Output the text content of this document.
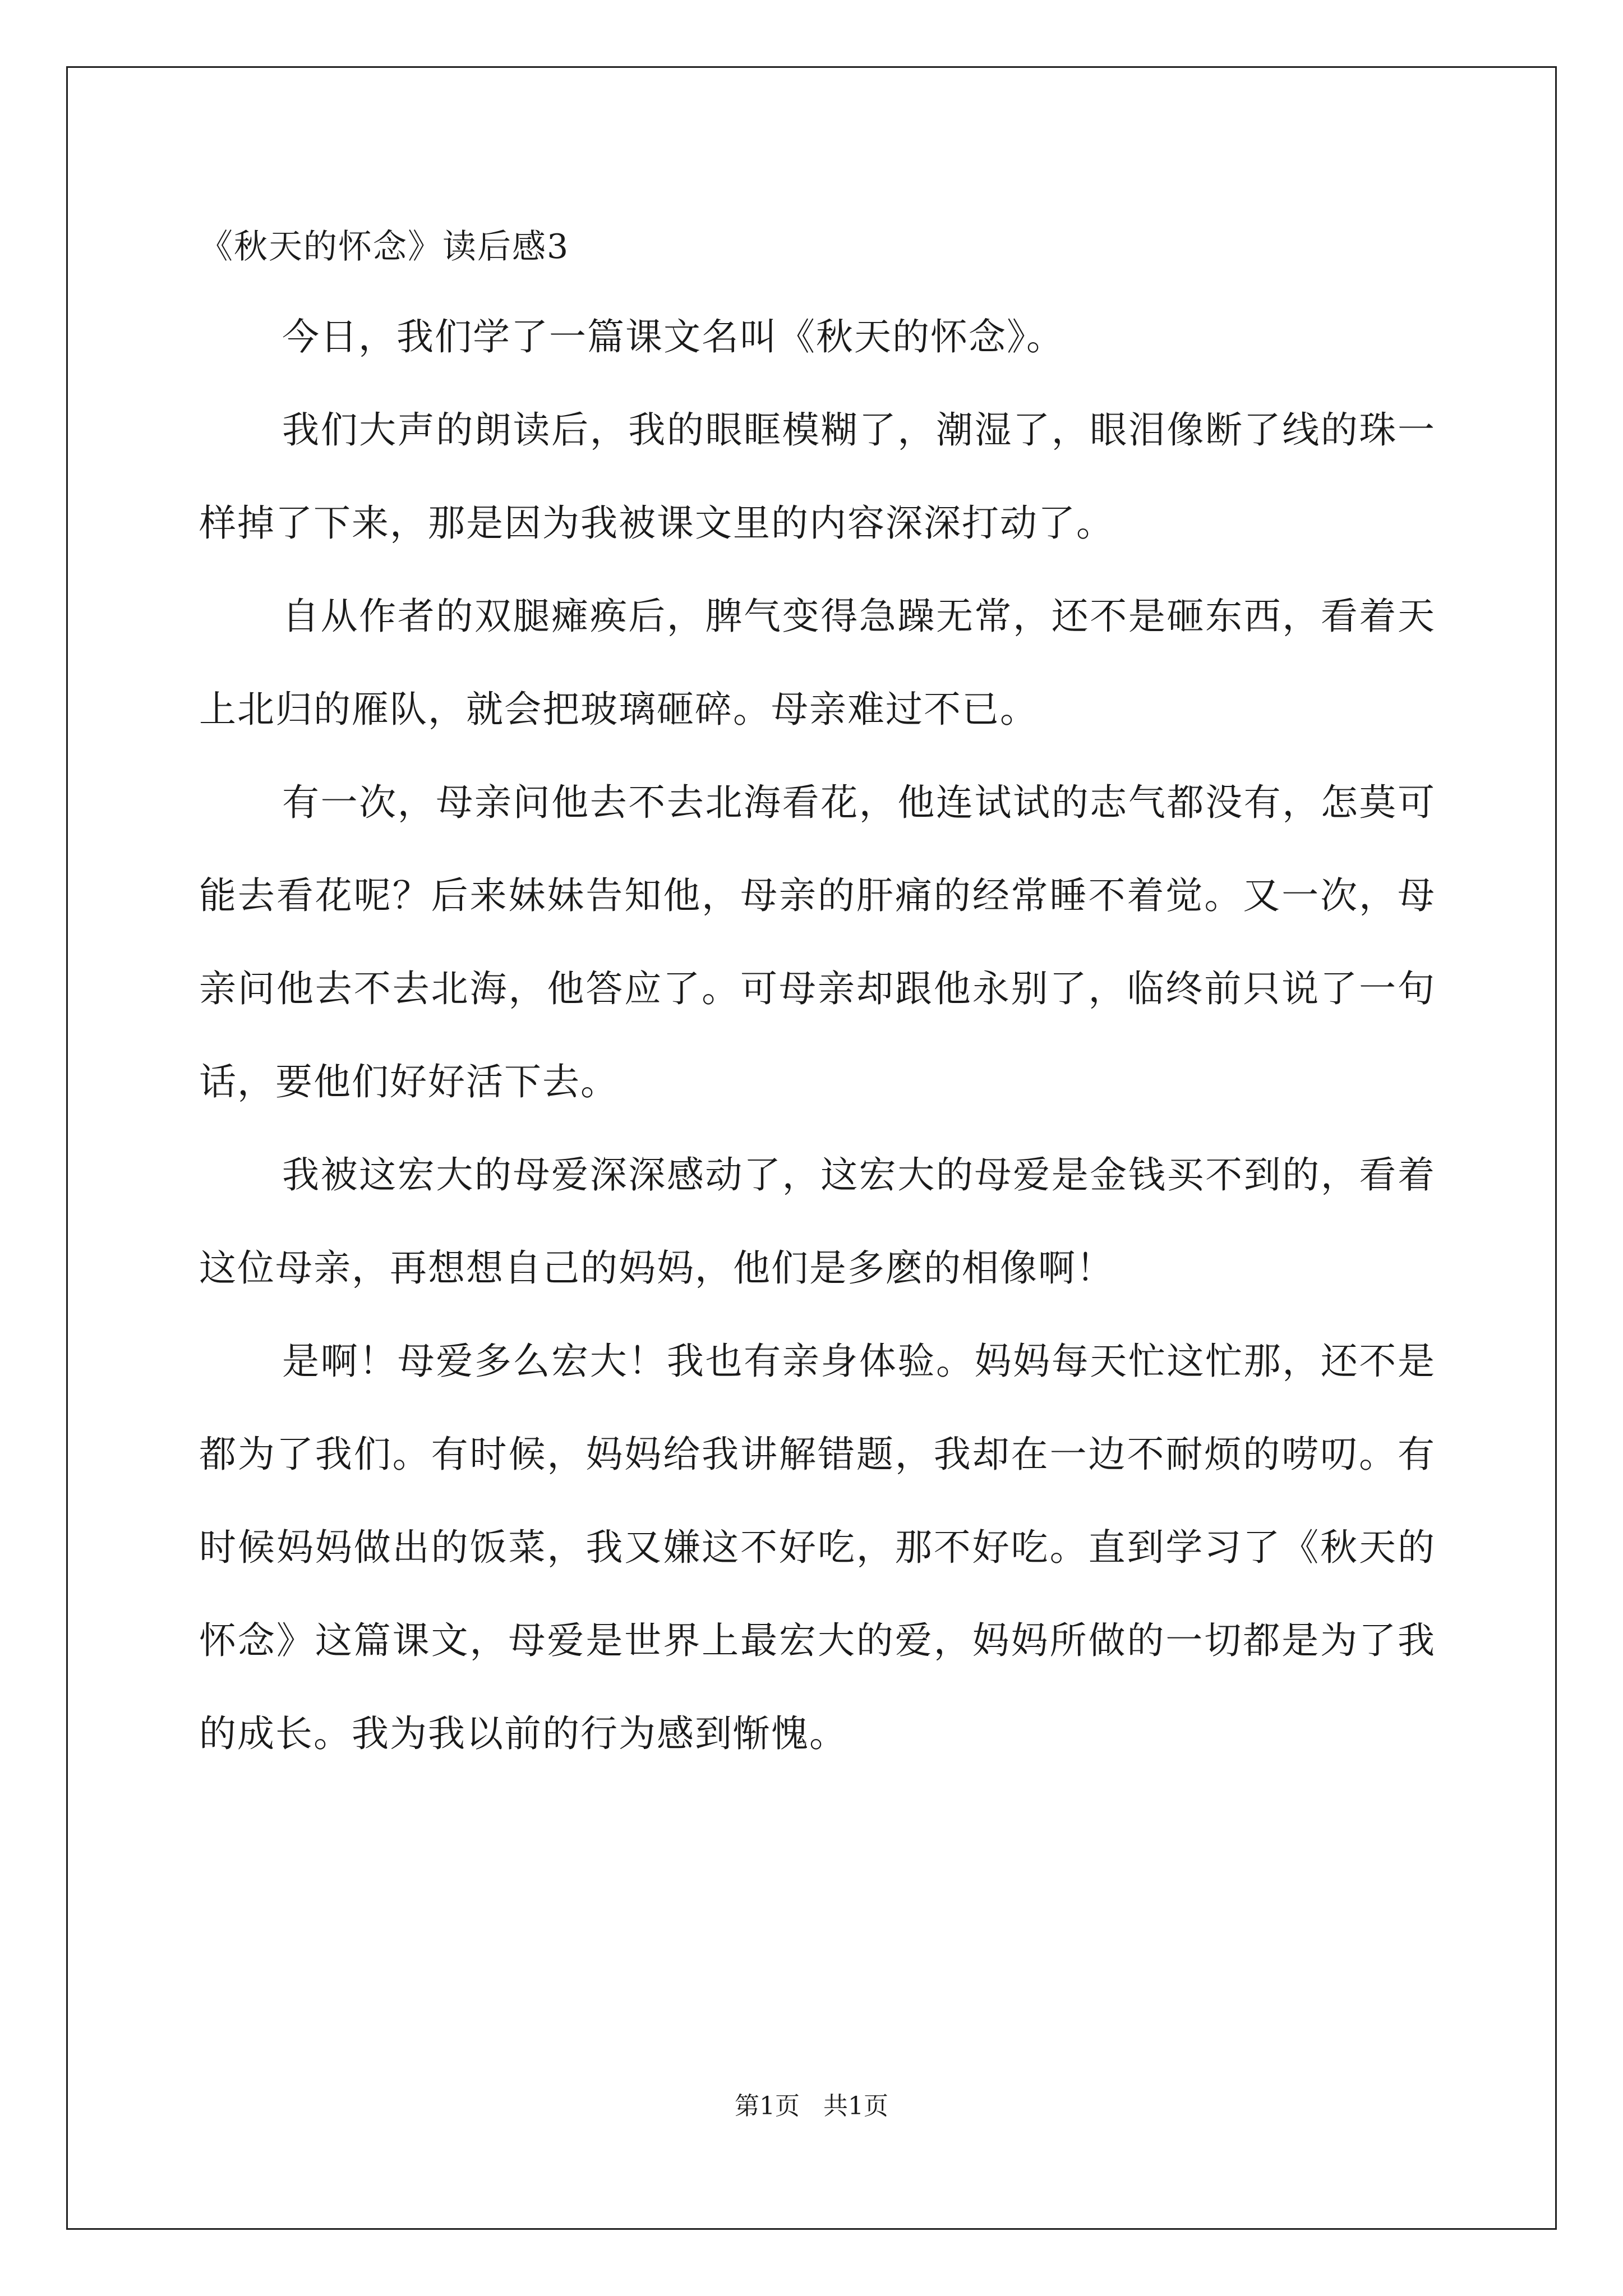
《秋天的怀念》读后感3

今日，我们学了一篇课文名叫《秋天的怀念》。

我们大声的朗读后，我的眼眶模糊了，潮湿了，眼泪像断了线的珠一样掉了下来，那是因为我被课文里的内容深深打动了。

自从作者的双腿瘫痪后，脾气变得急躁无常，还不是砸东西，看着天上北归的雁队，就会把玻璃砸碎。母亲难过不已。

有一次，母亲问他去不去北海看花，他连试试的志气都没有，怎莫可能去看花呢？后来妹妹告知他，母亲的肝痛的经常睡不着觉。又一次，母亲问他去不去北海，他答应了。可母亲却跟他永别了，临终前只说了一句话，要他们好好活下去。

我被这宏大的母爱深深感动了，这宏大的母爱是金钱买不到的，看着这位母亲，再想想自己的妈妈，他们是多麽的相像啊！

是啊！母爱多么宏大！我也有亲身体验。妈妈每天忙这忙那，还不是都为了我们。有时候，妈妈给我讲解错题，我却在一边不耐烦的唠叨。有时候妈妈做出的饭菜，我又嫌这不好吃，那不好吃。直到学习了《秋天的怀念》这篇课文，母爱是世界上最宏大的爱，妈妈所做的一切都是为了我的成长。我为我以前的行为感到惭愧。

第1页   共1页
